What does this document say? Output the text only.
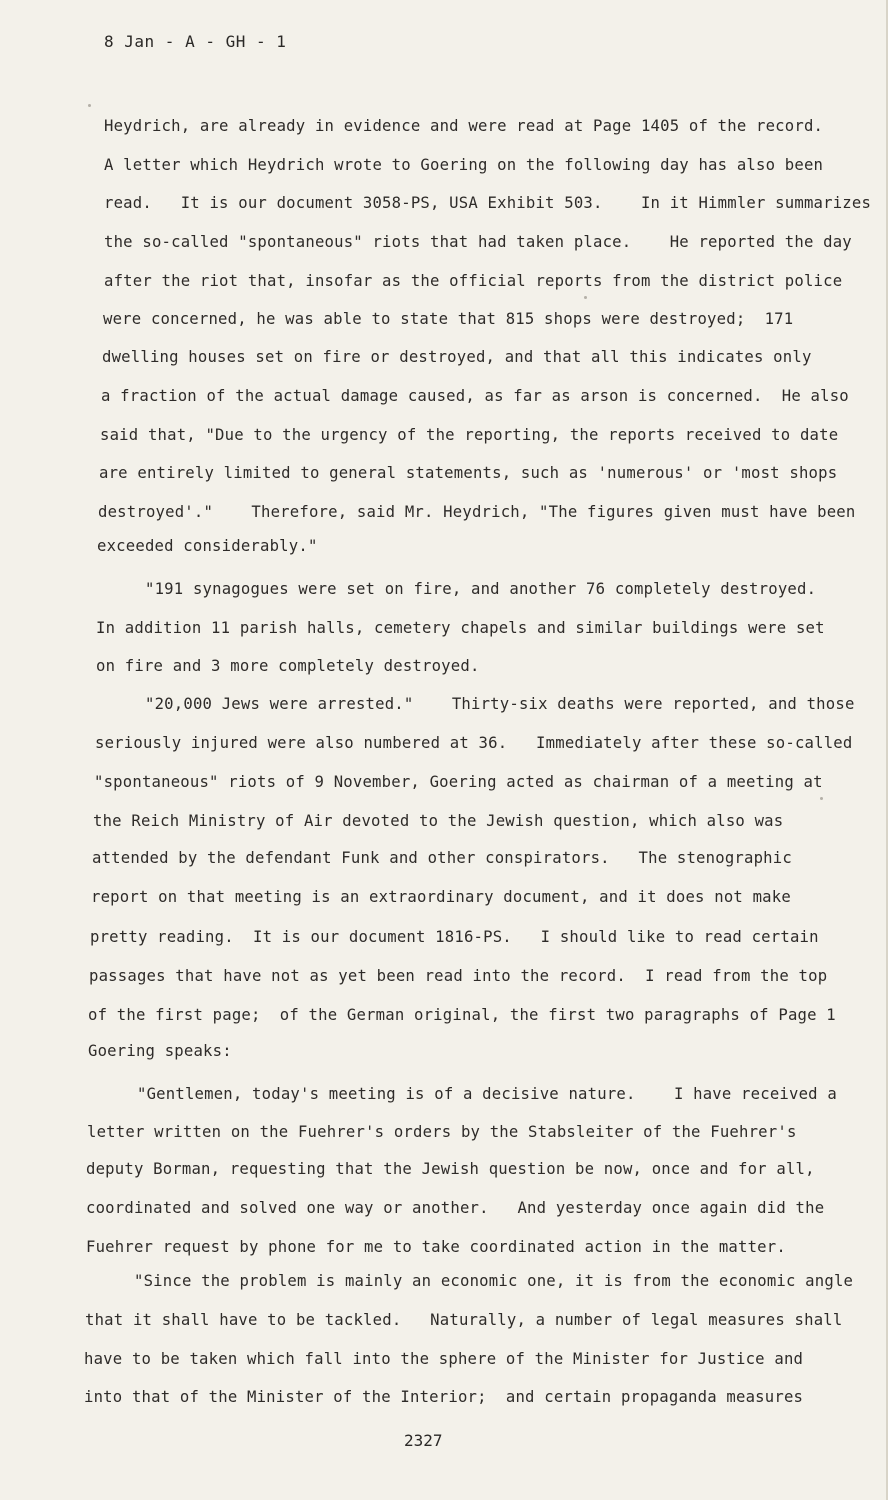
8 Jan - A - GH - 1
Heydrich, are already in evidence and were read at Page 1405 of the record.
A letter which Heydrich wrote to Goering on the following day has also been
read.   It is our document 3058-PS, USA Exhibit 503.    In it Himmler summarizes
the so-called "spontaneous" riots that had taken place.    He reported the day
after the riot that, insofar as the official reports from the district police
were concerned, he was able to state that 815 shops were destroyed;  171
dwelling houses set on fire or destroyed, and that all this indicates only
a fraction of the actual damage caused, as far as arson is concerned.  He also
said that, "Due to the urgency of the reporting, the reports received to date
are entirely limited to general statements, such as 'numerous' or 'most shops
destroyed'."    Therefore, said Mr. Heydrich, "The figures given must have been
exceeded considerably."
"191 synagogues were set on fire, and another 76 completely destroyed.
In addition 11 parish halls, cemetery chapels and similar buildings were set
on fire and 3 more completely destroyed.
"20,000 Jews were arrested."    Thirty-six deaths were reported, and those
seriously injured were also numbered at 36.   Immediately after these so-called
"spontaneous" riots of 9 November, Goering acted as chairman of a meeting at
the Reich Ministry of Air devoted to the Jewish question, which also was
attended by the defendant Funk and other conspirators.   The stenographic
report on that meeting is an extraordinary document, and it does not make
pretty reading.  It is our document 1816-PS.   I should like to read certain
passages that have not as yet been read into the record.  I read from the top
of the first page;  of the German original, the first two paragraphs of Page 1
Goering speaks:
"Gentlemen, today's meeting is of a decisive nature.    I have received a
letter written on the Fuehrer's orders by the Stabsleiter of the Fuehrer's
deputy Borman, requesting that the Jewish question be now, once and for all,
coordinated and solved one way or another.   And yesterday once again did the
Fuehrer request by phone for me to take coordinated action in the matter.
"Since the problem is mainly an economic one, it is from the economic angle
that it shall have to be tackled.   Naturally, a number of legal measures shall
have to be taken which fall into the sphere of the Minister for Justice and
into that of the Minister of the Interior;  and certain propaganda measures
2327
